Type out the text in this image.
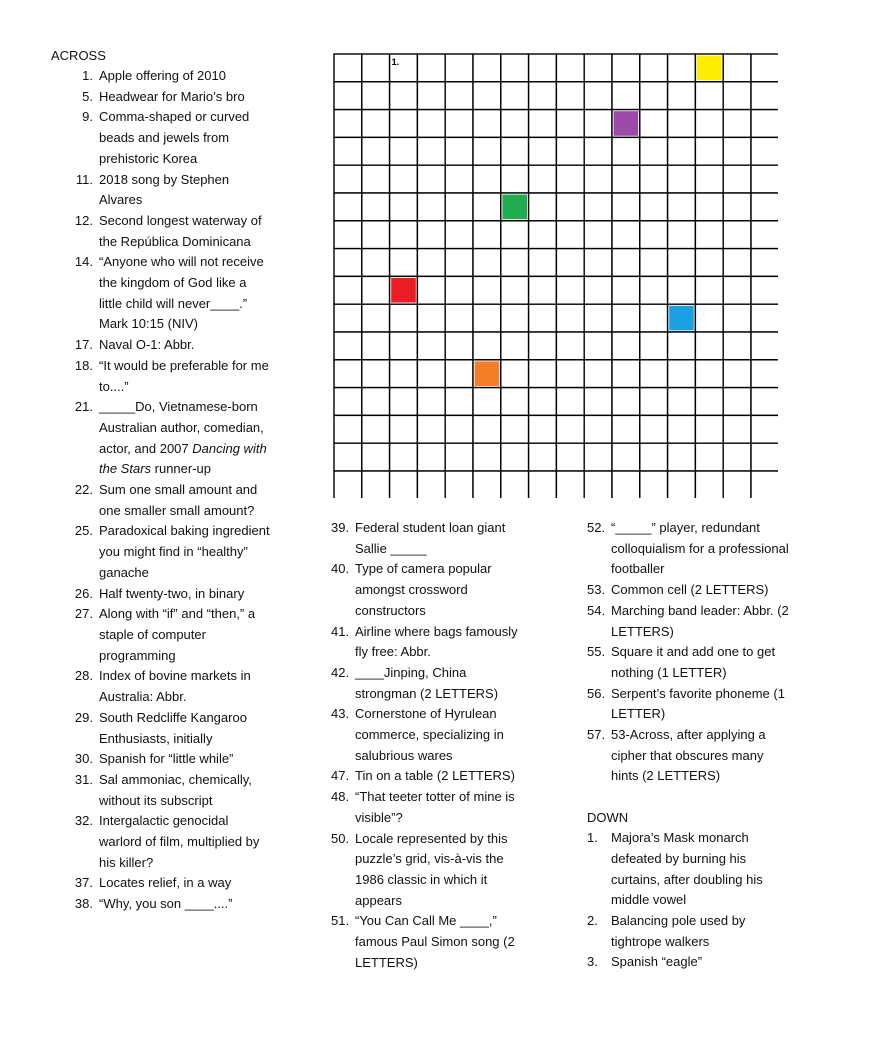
ACROSS
1. Apple offering of 2010
5. Headwear for Mario’s bro
9. Comma-shaped or curved beads and jewels from prehistoric Korea
11. 2018 song by Stephen Alvares
12. Second longest waterway of the República Dominicana
14. “Anyone who will not receive the kingdom of God like a little child will never____.” Mark 10:15 (NIV)
17. Naval O-1: Abbr.
18. “It would be preferable for me to....”
21. _____Do, Vietnamese-born Australian author, comedian, actor, and 2007 Dancing with the Stars runner-up
22. Sum one small amount and one smaller small amount?
25. Paradoxical baking ingredient you might find in “healthy” ganache
26. Half twenty-two, in binary
27. Along with “if” and “then,” a staple of computer programming
28. Index of bovine markets in Australia: Abbr.
29. South Redcliffe Kangaroo Enthusiasts, initially
30. Spanish for “little while”
31. Sal ammoniac, chemically, without its subscript
32. Intergalactic genocidal warlord of film, multiplied by his killer?
37. Locates relief, in a way
38. “Why, you son ____....”
1.
39. Federal student loan giant Sallie _____
40. Type of camera popular amongst crossword constructors
41. Airline where bags famously fly free: Abbr.
42. ____Jinping, China strongman (2 LETTERS)
43. Cornerstone of Hyrulean commerce, specializing in salubrious wares
47. Tin on a table (2 LETTERS)
48. “That teeter totter of mine is visible”?
50. Locale represented by this puzzle’s grid, vis-à-vis the 1986 classic in which it appears
51. “You Can Call Me ____,” famous Paul Simon song (2 LETTERS)
52. “_____” player, redundant colloquialism for a professional footballer
53. Common cell (2 LETTERS)
54. Marching band leader: Abbr. (2 LETTERS)
55. Square it and add one to get nothing (1 LETTER)
56. Serpent’s favorite phoneme (1 LETTER)
57. 53-Across, after applying a cipher that obscures many hints (2 LETTERS)
DOWN
1.	Majora’s Mask monarch defeated by burning his curtains, after doubling his middle vowel
2.	Balancing pole used by tightrope walkers
3.	Spanish “eagle”
